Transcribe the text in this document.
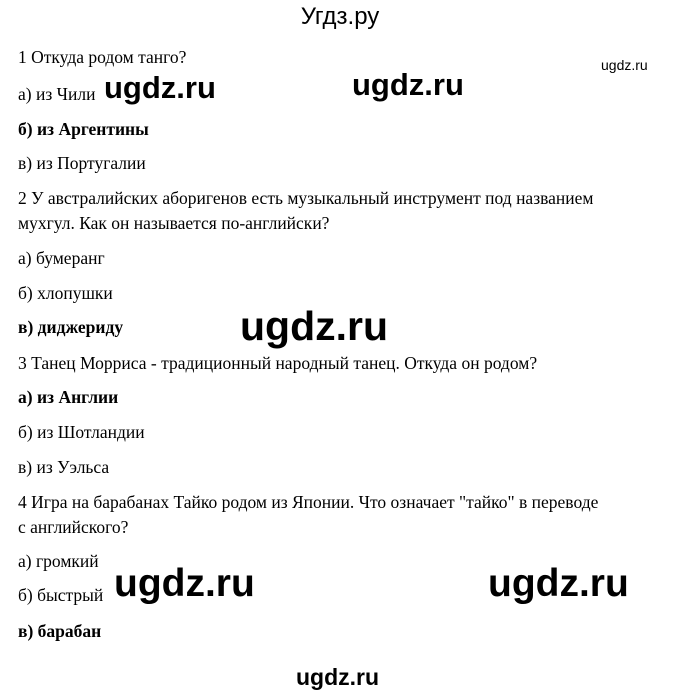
Угдз.ру
ugdz.ru
1 Откуда родом танго?
а) из Чили
б) из Аргентины
в) из Португалии
2 У австралийских аборигенов есть музыкальный инструмент под названием
мухгул. Как он называется по-английски?
а) бумеранг
б) хлопушки
в) диджериду
3 Танец Морриса - традиционный народный танец. Откуда он родом?
а) из Англии
б) из Шотландии
в) из Уэльса
4 Игра на барабанах Тайко родом из Японии. Что означает "тайко" в переводе
с английского?
а) громкий
б) быстрый
в) барабан
ugdz.ru	ugdz.ru
ugdz.ru
ugdz.ru	ugdz.ru
ugdz.ru
